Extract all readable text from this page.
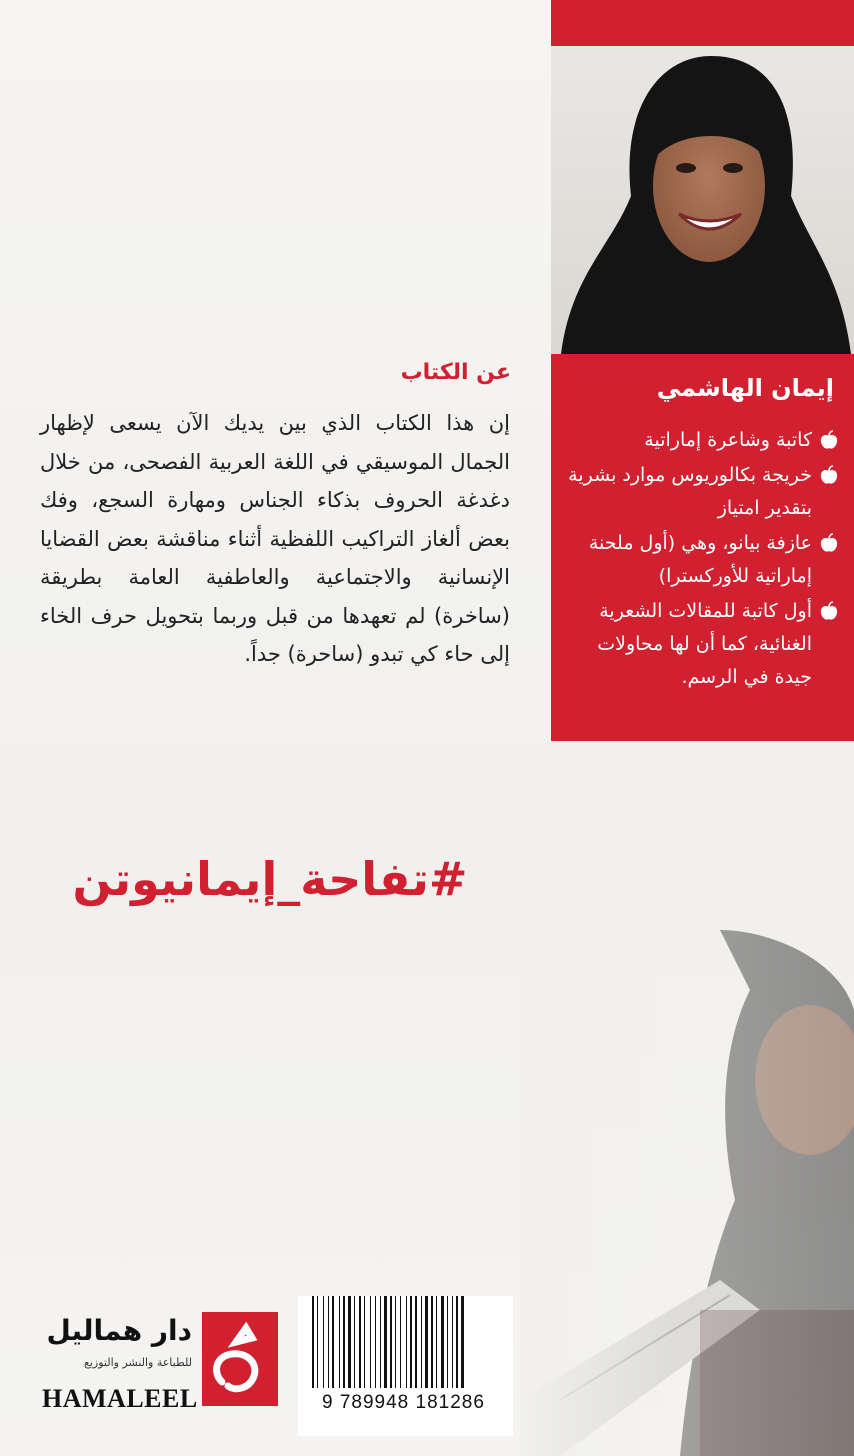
إيمان الهاشمي
كاتبة وشاعرة إماراتية
خريجة بكالوريوس موارد بشرية بتقدير امتياز
عازفة بيانو، وهي (أول ملحنة إماراتية للأوركسترا)
أول كاتبة للمقالات الشعرية الغنائية، كما أن لها محاولات جيدة في الرسم.
عن الكتاب
إن هذا الكتاب الذي بين يديك الآن يسعى لإظهار الجمال الموسيقي في اللغة العربية الفصحى، من خلال دغدغة الحروف بذكاء الجناس ومهارة السجع، وفك بعض ألغاز التراكيب اللفظية أثناء مناقشة بعض القضايا الإنسانية والاجتماعية والعاطفية العامة بطريقة (ساخرة) لم تعهدها من قبل وربما بتحويل حرف الخاء إلى حاء كي تبدو (ساحرة) جداً.
#تفاحة_إيمانيوتن
9 789948 181286
دار هماليل
للطباعة والنشر والتوزيع
HAMALEEL
